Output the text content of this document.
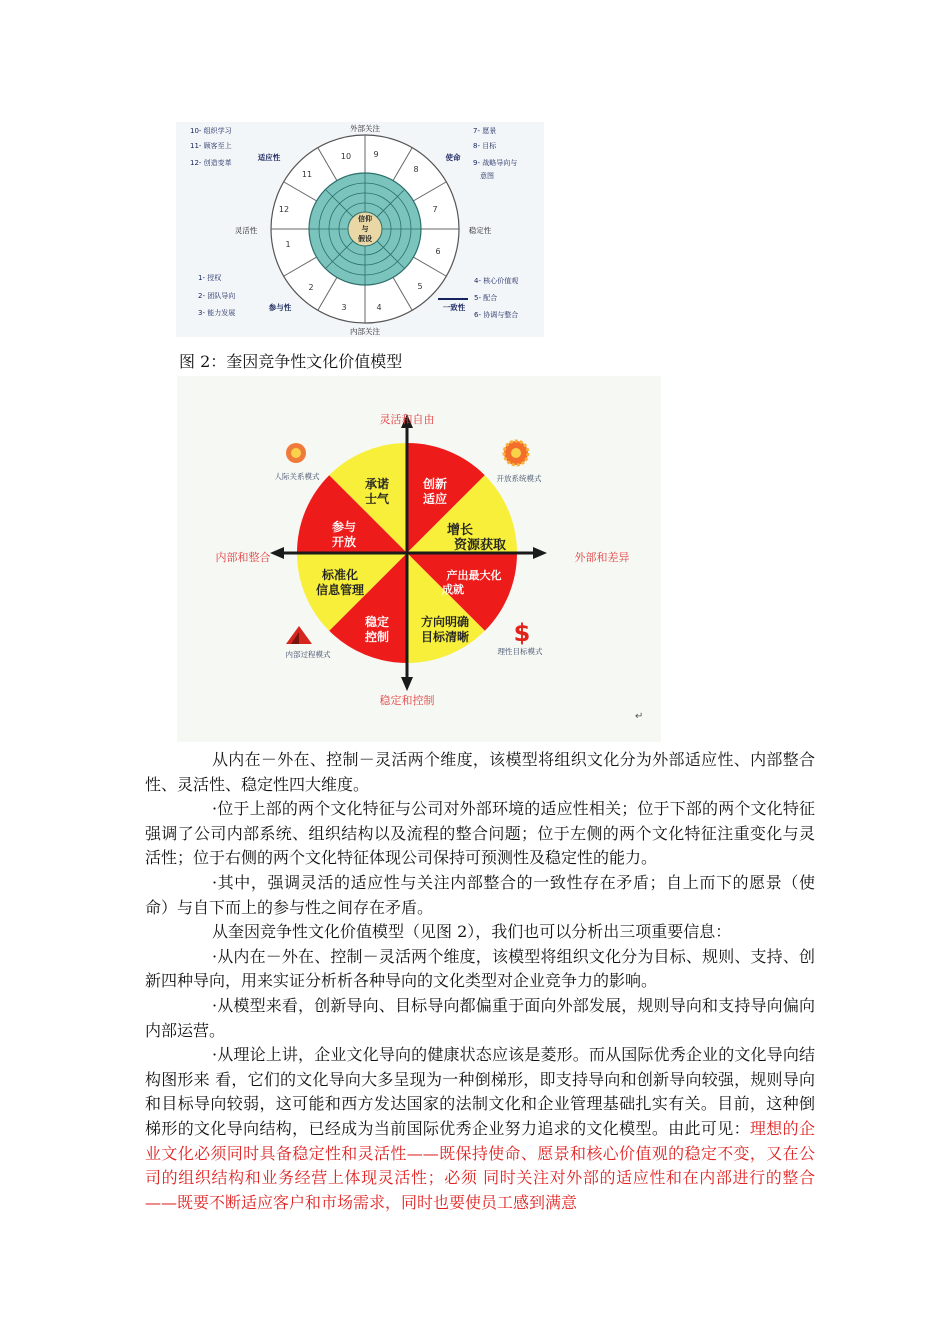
信仰
与
假设
1
2
3	4
5
6
7
8
9
10
11
12
外部关注
内部关注
灵活性	稳定性
适应性	使命
参与性	一致性
10- 组织学习
11- 顾客至上
12- 创造变革
7- 愿景
8- 目标
9- 战略导向与
意图
1- 授权
2- 团队导向
3- 能力发展
4- 核心价值观
5- 配合
6- 协调与整合
图 2：奎因竞争性文化价值模型
承诺
士气
创新
适应
增长
资源获取
产出最大化
成就
方向明确
目标清晰
稳定
控制
标准化
信息管理
参与
开放
灵活和自由
稳定和控制
内部和整合	外部和差异
$
人际关系模式	开放系统模式
内部过程模式	理性目标模式
↵

从内在－外在、控制－灵活两个维度，该模型将组织文化分为外部适应性、内部整合性、灵活性、稳定性四大维度。

·位于上部的两个文化特征与公司对外部环境的适应性相关；位于下部的两个文化特征强调了公司内部系统、组织结构以及流程的整合问题；位于左侧的两个文化特征注重变化与灵活性；位于右侧的两个文化特征体现公司保持可预测性及稳定性的能力。

·其中，强调灵活的适应性与关注内部整合的一致性存在矛盾；自上而下的愿景（使命）与自下而上的参与性之间存在矛盾。

从奎因竞争性文化价值模型（见图 2），我们也可以分析出三项重要信息：

·从内在－外在、控制－灵活两个维度，该模型将组织文化分为目标、规则、支持、创新四种导向，用来实证分析析各种导向的文化类型对企业竞争力的影响。

·从模型来看，创新导向、目标导向都偏重于面向外部发展，规则导向和支持导向偏向内部运营。

·从理论上讲，企业文化导向的健康状态应该是菱形。而从国际优秀企业的文化导向结构图形来 看，它们的文化导向大多呈现为一种倒梯形，即支持导向和创新导向较强，规则导向和目标导向较弱，这可能和西方发达国家的法制文化和企业管理基础扎实有关。目前，这种倒梯形的文化导向结构，已经成为当前国际优秀企业努力追求的文化模型。由此可见：理想的企业文化必须同时具备稳定性和灵活性——既保持使命、愿景和核心价值观的稳定不变，又在公司的组织结构和业务经营上体现灵活性；必须 同时关注对外部的适应性和在内部进行的整合——既要不断适应客户和市场需求，同时也要使员工感到满意
